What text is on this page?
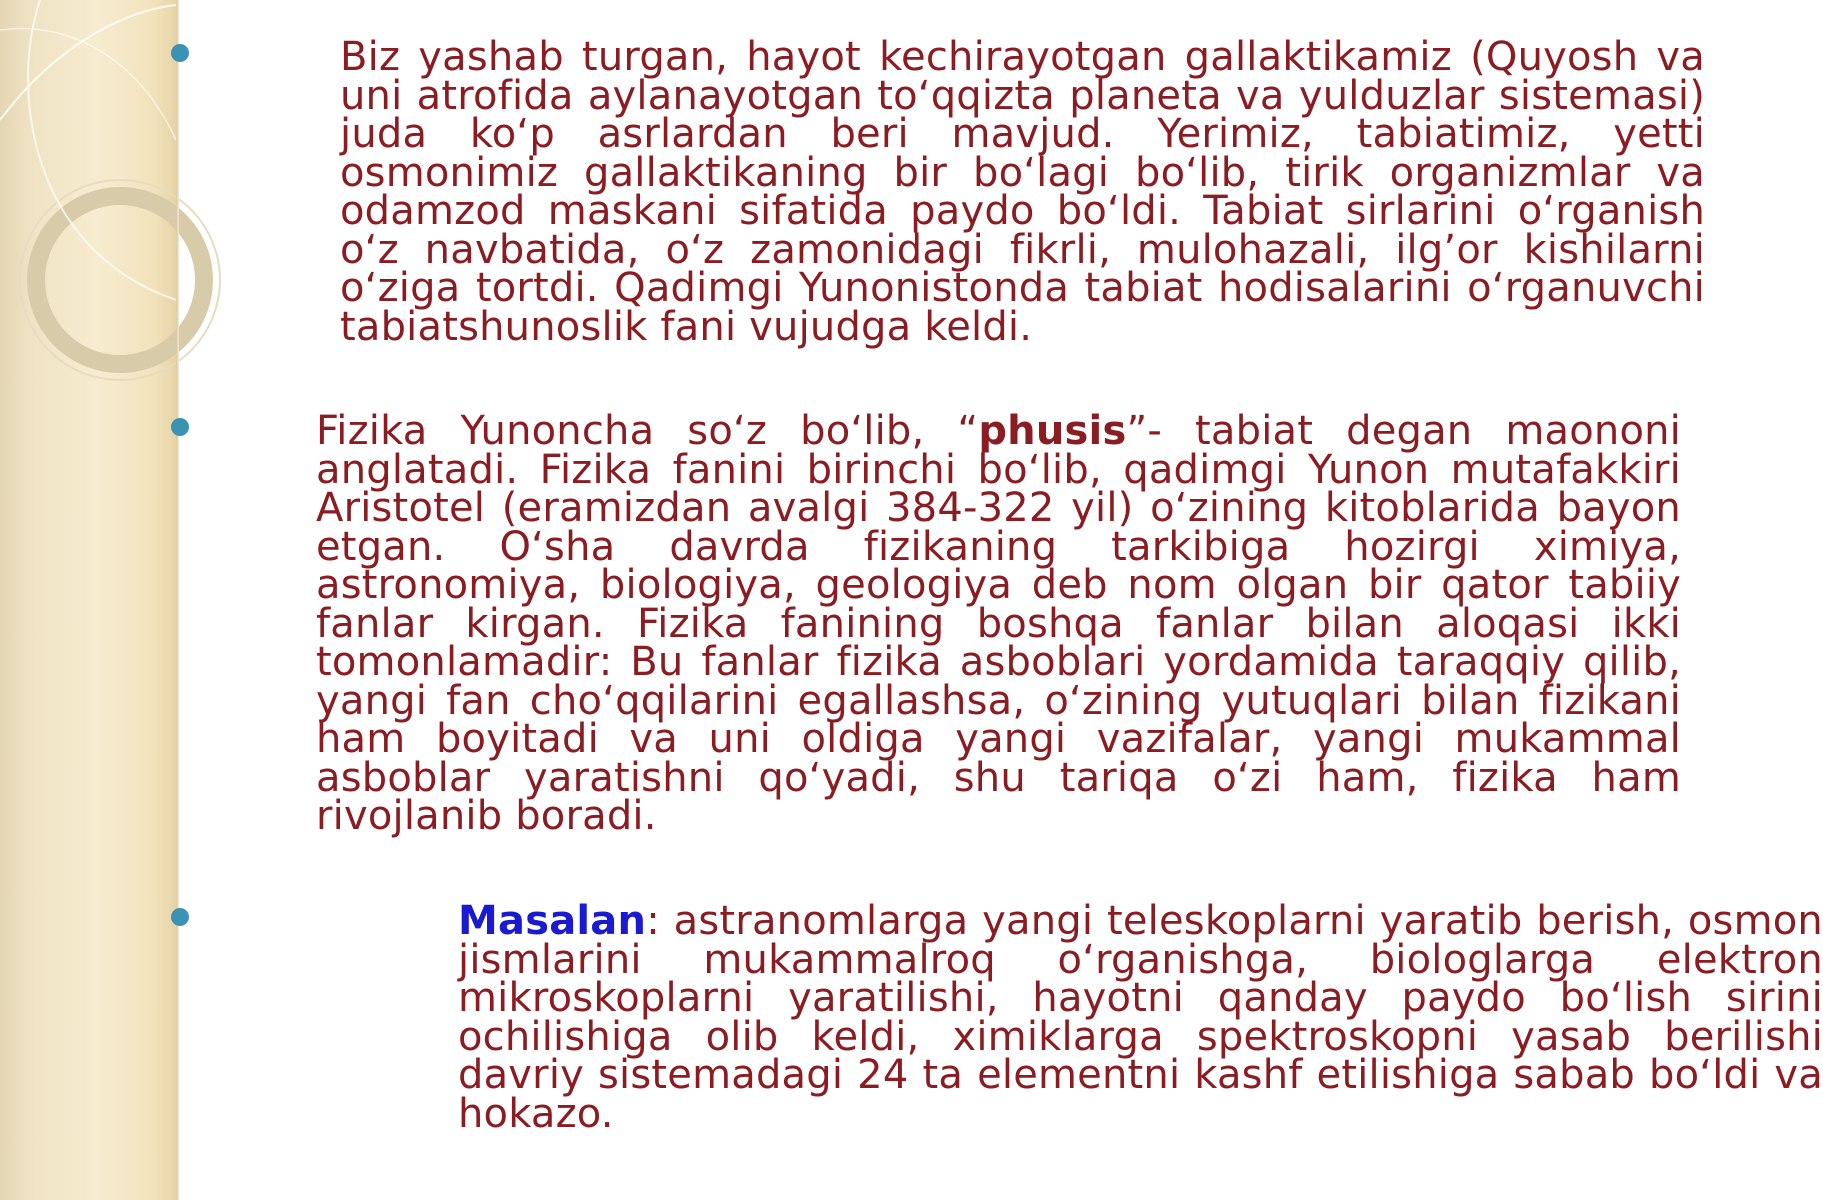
Biz yashab turgan, hayot kechirayotgan gallaktikamiz (Quyosh va uni atrofida aylanayotgan to‘qqizta planeta va yulduzlar sistemasi) juda ko‘p asrlardan beri mavjud. Yerimiz, tabiatimiz, yetti osmonimiz gallaktikaning bir bo‘lagi bo‘lib, tirik organizmlar va odamzod maskani sifatida paydo bo‘ldi. Tabiat sirlarini o‘rganish o‘z navbatida, o‘z zamonidagi fikrli, mulohazali, ilg’or kishilarni o‘ziga tortdi. Qadimgi Yunonistonda tabiat hodisalarini o‘rganuvchi tabiatshunoslik fani vujudga keldi.

Fizika Yunoncha so‘z bo‘lib, “phusis”- tabiat degan maononi anglatadi. Fizika fanini birinchi bo‘lib, qadimgi Yunon mutafakkiri Aristotel (eramizdan avalgi 384-322 yil) o‘zining kitoblarida bayon etgan. O‘sha davrda fizikaning tarkibiga hozirgi ximiya, astronomiya, biologiya, geologiya deb nom olgan bir qator tabiiy fanlar kirgan. Fizika fanining boshqa fanlar bilan aloqasi ikki tomonlamadir: Bu fanlar fizika asboblari yordamida taraqqiy qilib, yangi fan cho‘qqilarini egallashsa, o‘zining yutuqlari bilan fizikani ham boyitadi va uni oldiga yangi vazifalar, yangi mukammal asboblar yaratishni qo‘yadi, shu tariqa o‘zi ham, fizika ham rivojlanib boradi.

Masalan: astranomlarga yangi teleskoplarni yaratib berish, osmon jismlarini mukammalroq o‘rganishga, biologlarga elektron mikroskoplarni yaratilishi, hayotni qanday paydo bo‘lish sirini ochilishiga olib keldi, ximiklarga spektroskopni yasab berilishi davriy sistemadagi 24 ta elementni kashf etilishiga sabab bo‘ldi va hokazo.
